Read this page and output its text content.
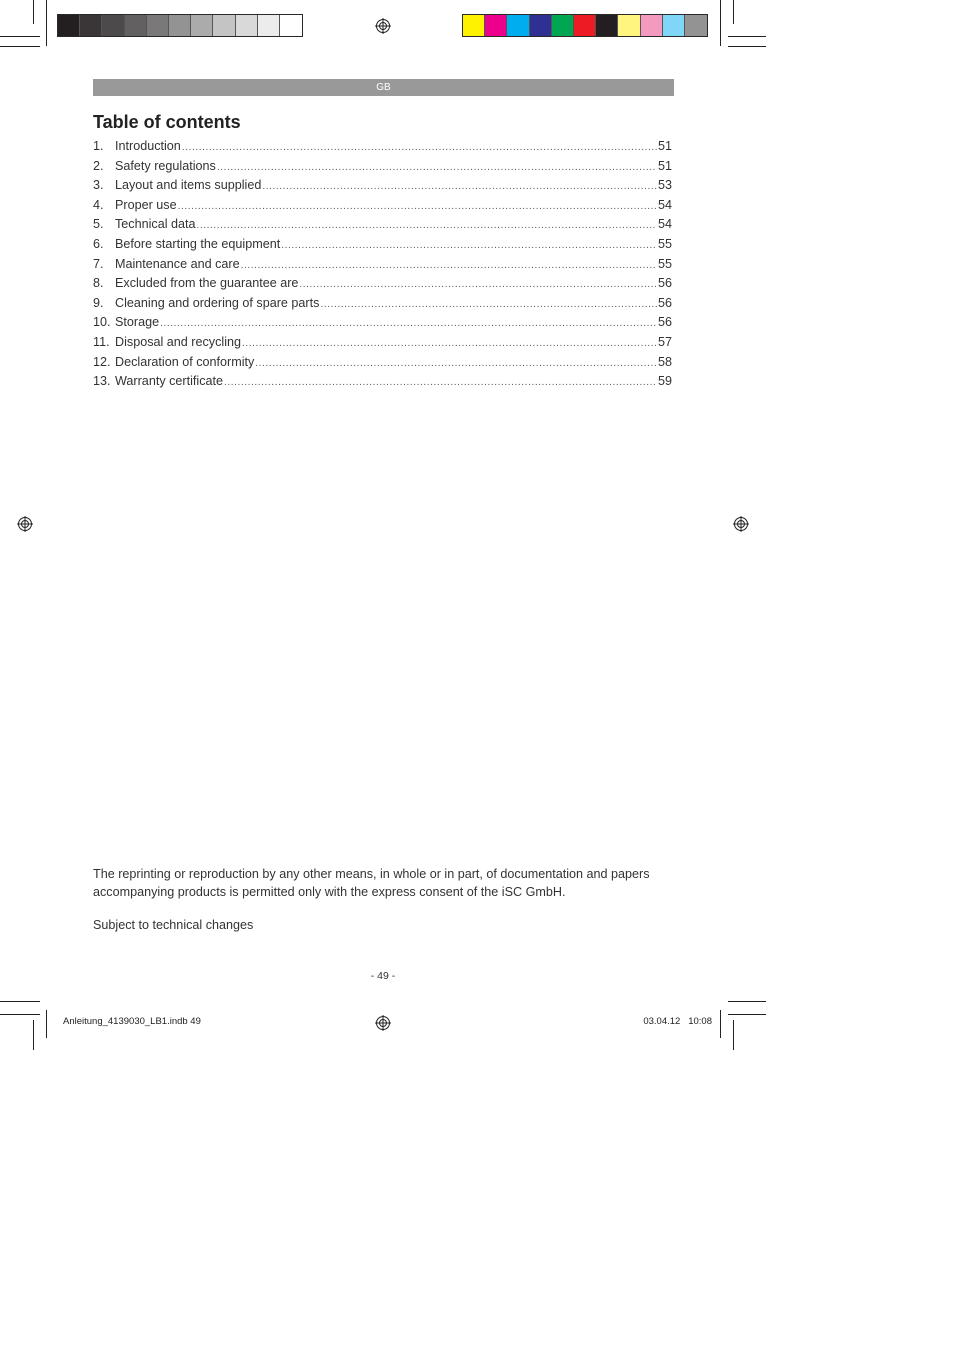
GB
Table of contents
1. Introduction .....	51
2. Safety regulations .....	51
3. Layout and items supplied .....	53
4. Proper use .....	54
5. Technical data .....	54
6. Before starting the equipment .....	55
7. Maintenance and care .....	55
8. Excluded from the guarantee are .....	56
9. Cleaning and ordering of spare parts .....	56
10. Storage .....	56
11. Disposal and recycling .....	57
12. Declaration of conformity .....	58
13. Warranty certificate .....	59

The reprinting or reproduction by any other means, in whole or in part, of documentation and papers accompanying products is permitted only with the express consent of the iSC GmbH.

Subject to technical changes

- 49 -
Anleitung_4139030_LB1.indb 49	03.04.12   10:08
